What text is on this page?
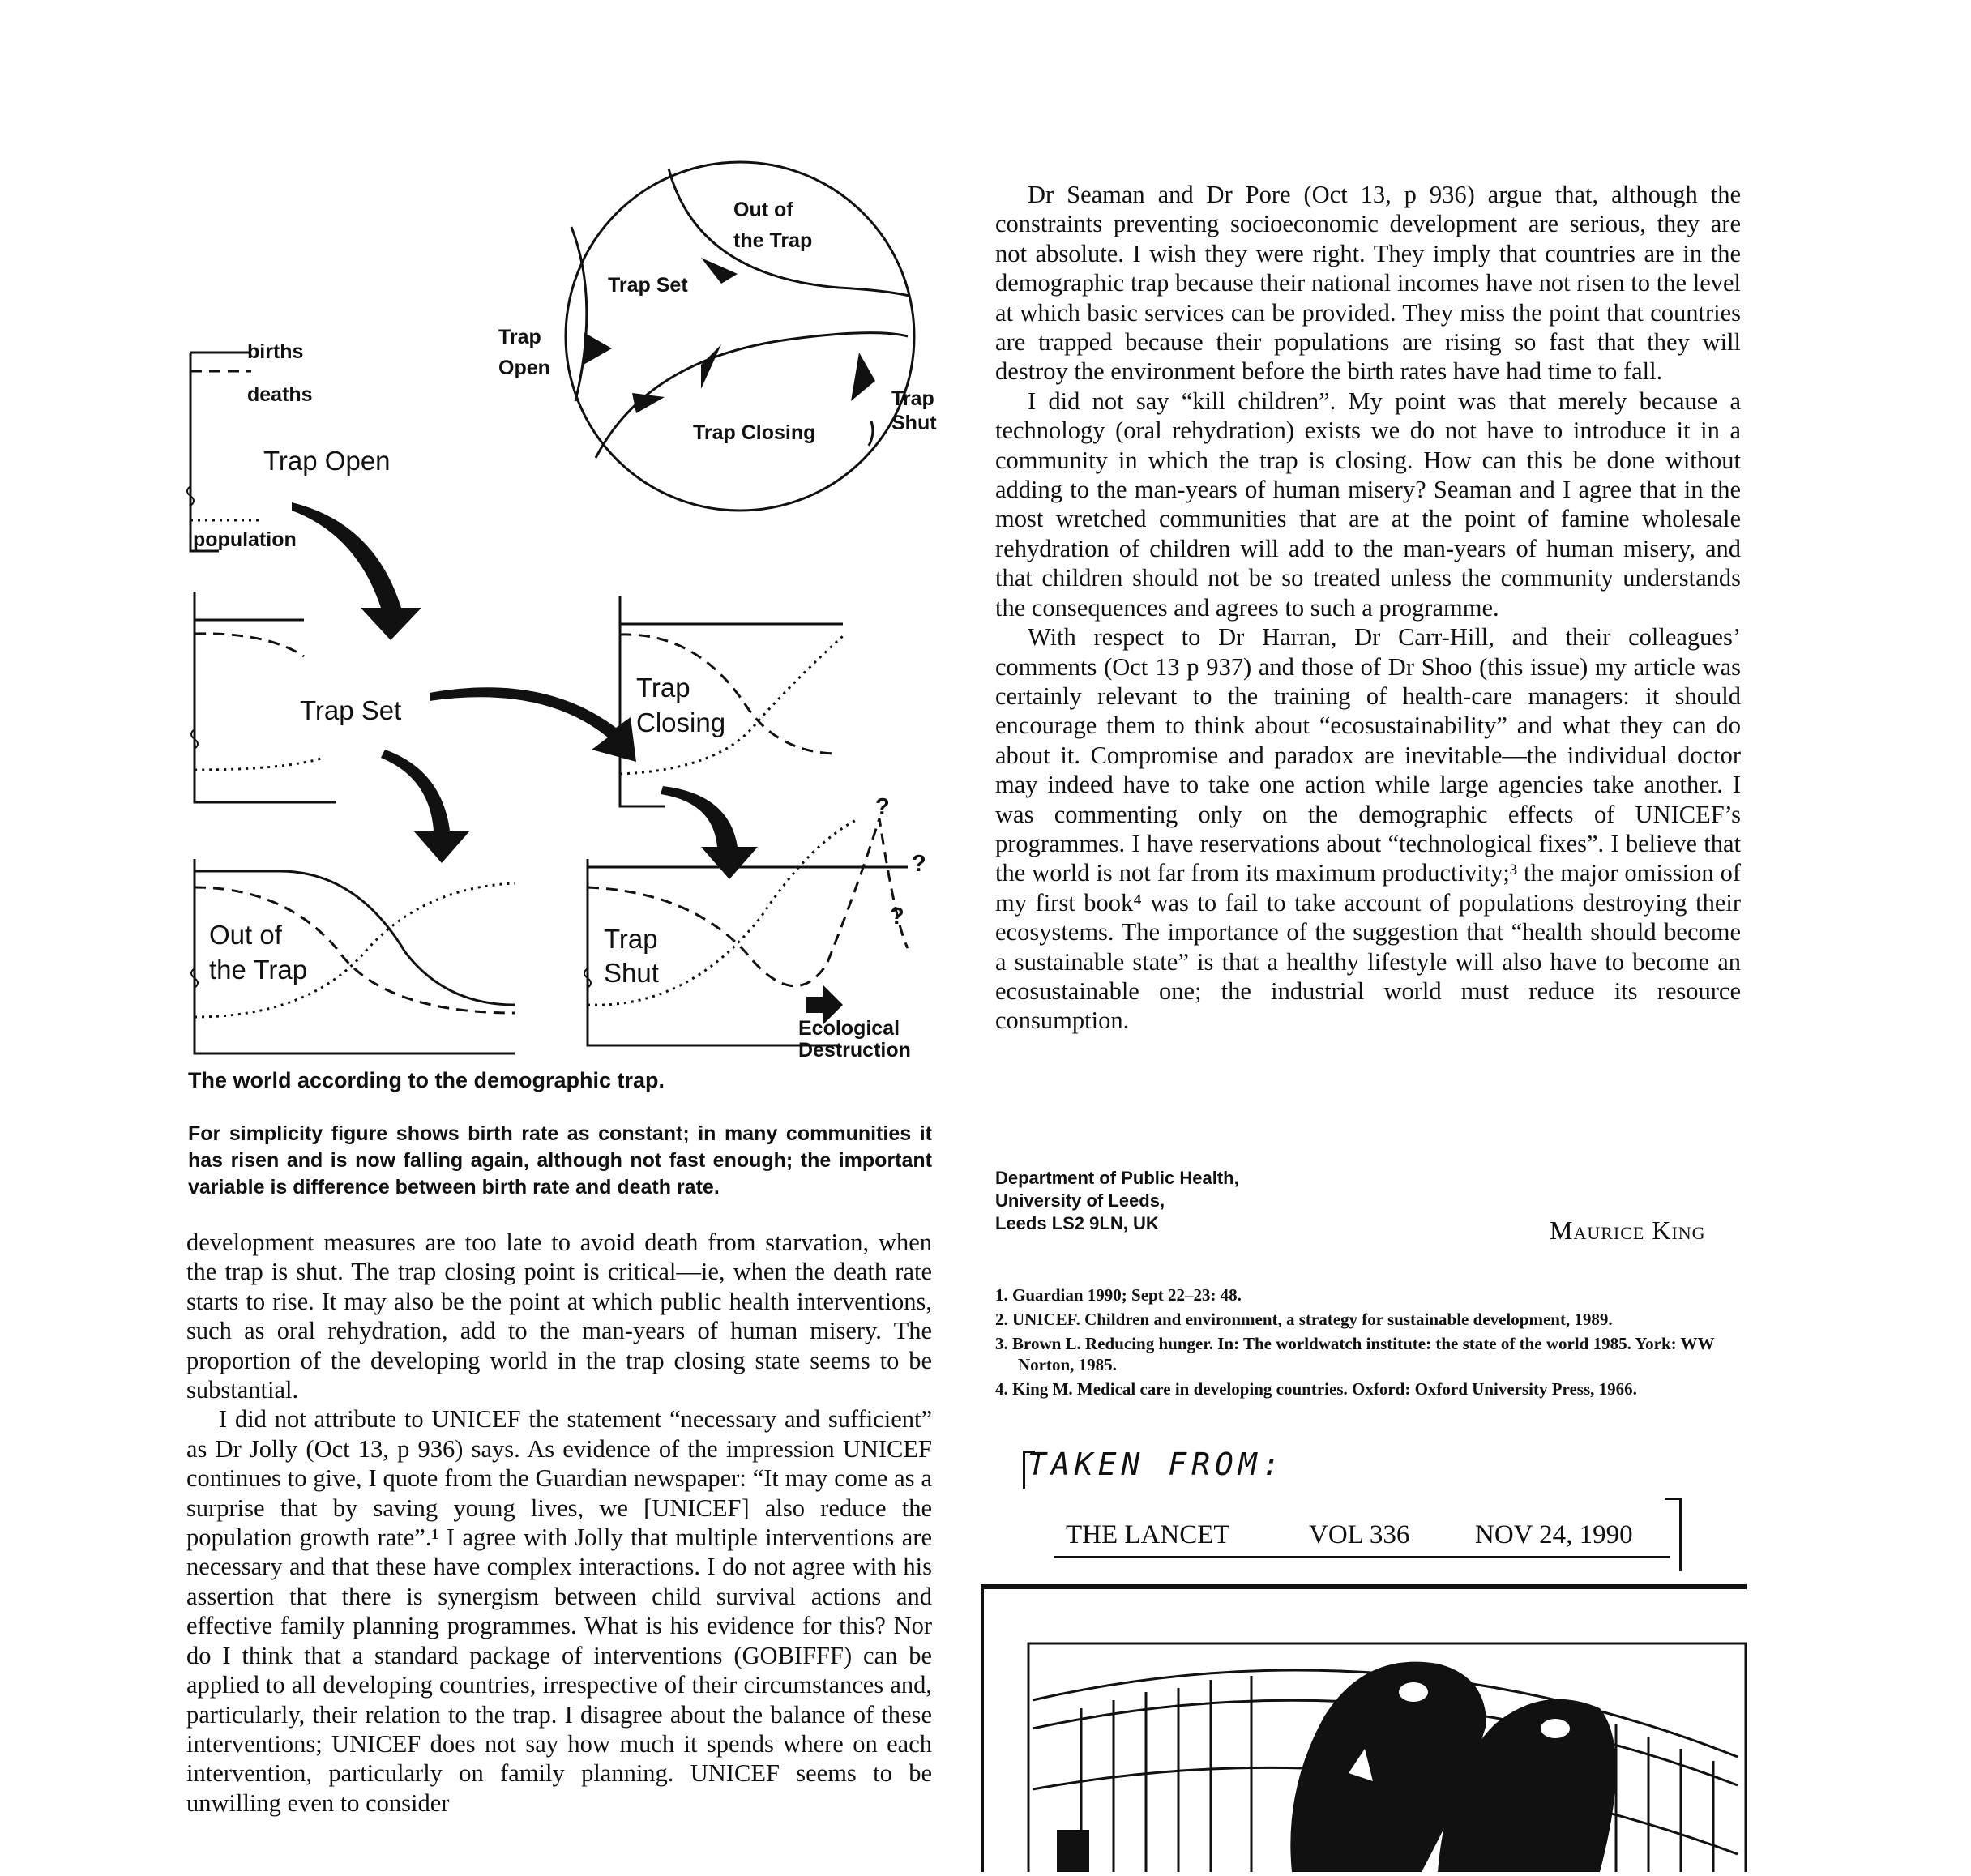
births
deaths
population
Trap Open
Trap Set
Trap
Closing
Out of
the Trap
Trap
Shut
Ecological
Destruction
?
?
?
Out of
the Trap
Trap Set
Trap
Open
Trap Closing
Trap
Shut
The world according to the demographic trap.
For simplicity figure shows birth rate as constant; in many communities it has risen and is now falling again, although not fast enough; the important variable is difference between birth rate and death rate.

development measures are too late to avoid death from starvation, when the trap is shut. The trap closing point is critical—ie, when the death rate starts to rise. It may also be the point at which public health interventions, such as oral rehydration, add to the man-years of human misery. The proportion of the developing world in the trap closing state seems to be substantial.

I did not attribute to UNICEF the statement “necessary and sufficient” as Dr Jolly (Oct 13, p 936) says. As evidence of the impression UNICEF continues to give, I quote from the Guardian newspaper: “It may come as a surprise that by saving young lives, we [UNICEF] also reduce the population growth rate”.¹ I agree with Jolly that multiple interventions are necessary and that these have complex interactions. I do not agree with his assertion that there is synergism between child survival actions and effective family planning programmes. What is his evidence for this? Nor do I think that a standard package of interventions (GOBIFFF) can be applied to all developing countries, irrespective of their circumstances and, particularly, their relation to the trap. I disagree about the balance of these interventions; UNICEF does not say how much it spends where on each intervention, particularly on family planning. UNICEF seems to be unwilling even to consider

Dr Seaman and Dr Pore (Oct 13, p 936) argue that, although the constraints preventing socioeconomic development are serious, they are not absolute. I wish they were right. They imply that countries are in the demographic trap because their national incomes have not risen to the level at which basic services can be provided. They miss the point that countries are trapped because their populations are rising so fast that they will destroy the environment before the birth rates have had time to fall.

I did not say “kill children”. My point was that merely because a technology (oral rehydration) exists we do not have to introduce it in a community in which the trap is closing. How can this be done without adding to the man-years of human misery? Seaman and I agree that in the most wretched communities that are at the point of famine wholesale rehydration of children will add to the man-years of human misery, and that children should not be so treated unless the community understands the consequences and agrees to such a programme.

With respect to Dr Harran, Dr Carr-Hill, and their colleagues’ comments (Oct 13 p 937) and those of Dr Shoo (this issue) my article was certainly relevant to the training of health-care managers: it should encourage them to think about “ecosustainability” and what they can do about it. Compromise and paradox are inevitable—the individual doctor may indeed have to take one action while large agencies take another. I was commenting only on the demographic effects of UNICEF’s programmes. I have reservations about “technological fixes”. I believe that the world is not far from its maximum productivity;³ the major omission of my first book⁴ was to fail to take account of populations destroying their ecosystems. The importance of the suggestion that “health should become a sustainable state” is that a healthy lifestyle will also have to become an ecosustainable one; the industrial world must reduce its resource consumption.

Department of Public Health,
University of Leeds,
Leeds LS2 9LN, UK	Maurice King
1. Guardian 1990; Sept 22–23: 48.
2. UNICEF. Children and environment, a strategy for sustainable development, 1989.
3. Brown L. Reducing hunger. In: The worldwatch institute: the state of the world 1985. York: WW Norton, 1985.
4. King M. Medical care in developing countries. Oxford: Oxford University Press, 1966.
TAKEN FROM:
THE LANCET	VOL 336 NOV 24, 1990
